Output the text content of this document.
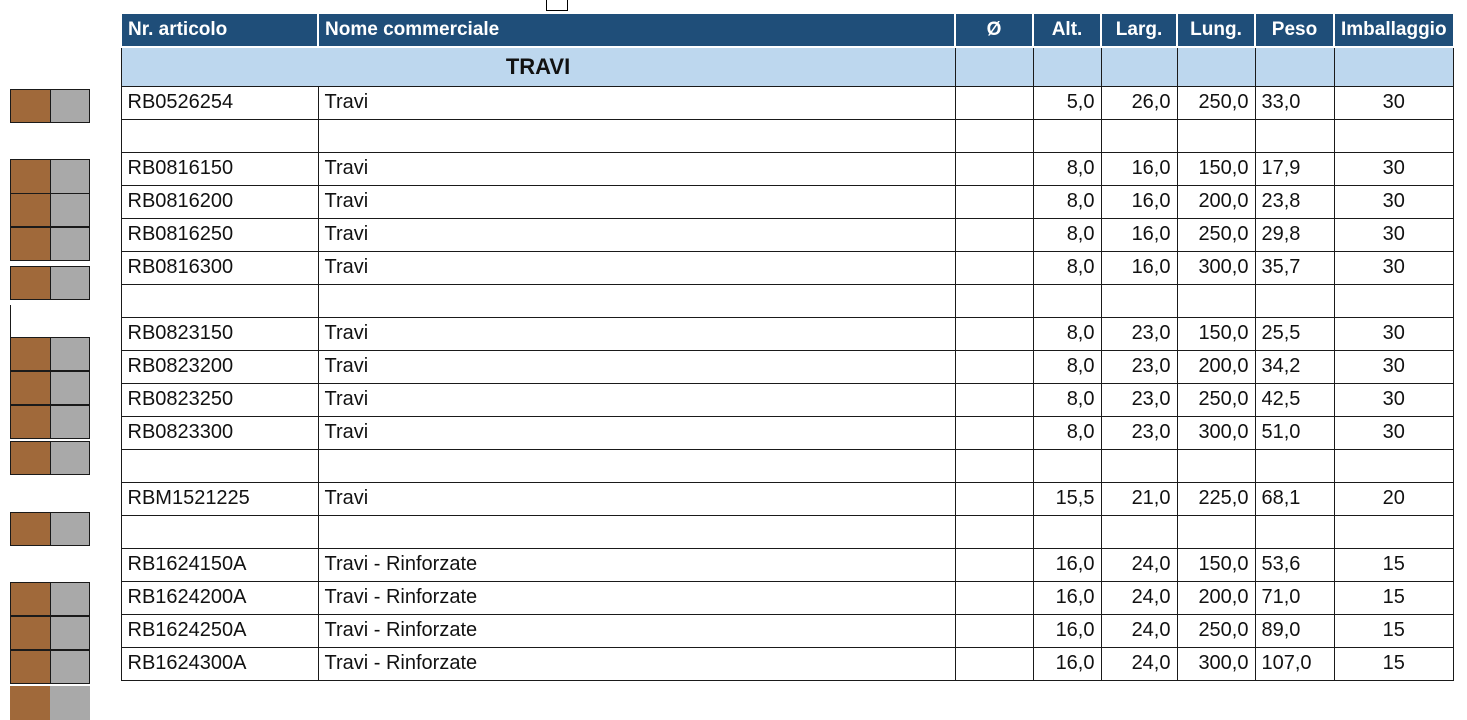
Nr. articolo	Nome commerciale	Ø	Alt.	Larg.	Lung.	Peso	Imballaggio
TRAVI							
RB0526254	Travi		5,0	26,0	250,0	33,0	30

RB0816150	Travi		8,0	16,0	150,0	17,9	30
RB0816200	Travi		8,0	16,0	200,0	23,8	30
RB0816250	Travi		8,0	16,0	250,0	29,8	30
RB0816300	Travi		8,0	16,0	300,0	35,7	30

RB0823150	Travi		8,0	23,0	150,0	25,5	30
RB0823200	Travi		8,0	23,0	200,0	34,2	30
RB0823250	Travi		8,0	23,0	250,0	42,5	30
RB0823300	Travi		8,0	23,0	300,0	51,0	30

RBM1521225	Travi		15,5	21,0	225,0	68,1	20

RB1624150A	Travi - Rinforzate		16,0	24,0	150,0	53,6	15
RB1624200A	Travi - Rinforzate		16,0	24,0	200,0	71,0	15
RB1624250A	Travi - Rinforzate		16,0	24,0	250,0	89,0	15
RB1624300A	Travi - Rinforzate		16,0	24,0	300,0	107,0	15
